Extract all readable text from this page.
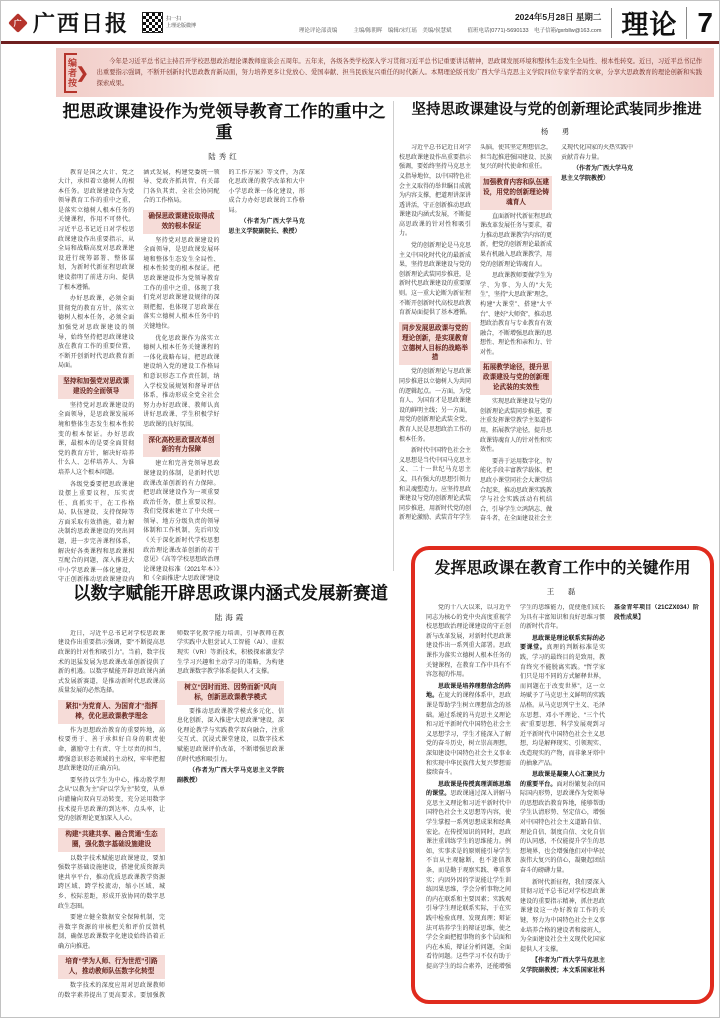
广 广西日报	扫一扫
上理论版微博
2024年5月28日 星期二
理论评论部责编	主编/陈朝晖　编辑/宋红瑶　美编/侯慧斌	值班电话(0771)-5690133　电子信箱/gxrbllw@163.com 理论 7
编者按 ❯
今年是习近平总书记主持召开学校思想政治理论课教师座谈会五周年。五年来，各级各类学校深入学习贯彻习近平总书记重要讲话精神，思政课发展环境和整体生态发生全局性、根本性转变。近日，习近平总书记作出重要指示强调，不断开创新时代思政教育新局面，努力培养更多让党放心、爱国奉献、担当民族复兴重任的时代新人。本期理论版刊发广西大学马克思主义学院四位专家学者的文章，分享大思政教育的理论创新和实践探索成果。
把思政课建设作为党领导教育工作的重中之重
陆秀红

教育是国之大计、党之大计，承担着立德树人的根本任务。思政课建设作为党领导教育工作的重中之重，是落实立德树人根本任务的关键课程，作用不可替代。习近平总书记近日对学校思政课建设作出重要指示，从全局和战略高度对思政课建设进行统筹部署、整体谋划，为新时代新征程思政课建设指明了前进方向、提供了根本遵循。

办好思政课，必须全面贯彻党的教育方针，落实立德树人根本任务，必须全面加强党对思政课建设的领导，始终坚持把思政课建设放在教育工作的重要位置，不断开创新时代思政教育新局面。

坚持和加强党对思政课建设的全面领导

坚持党对思政课建设的全面领导，是思政课发展环境和整体生态发生根本性转变的根本保证。办好思政课，最根本的是要全面贯彻党的教育方针，解决好培养什么人、怎样培养人、为谁培养人这个根本问题。

各级党委要把思政课建设摆上重要议程，压实责任、真抓实干，在工作格局、队伍建设、支持保障等方面采取有效措施，着力解决制约思政课建设的突出问题，进一步完善课程体系，解决好各类课程和思政课相互配合的问题，深入推进大中小学思政课一体化建设，守正创新推动思政课建设内涵式发展，构建党委统一领导、党政齐抓共管、有关部门各负其责、全社会协同配合的工作格局。

确保思政课建设取得成效的根本保证

坚持党对思政课建设的全面领导，是思政课发展环境和整体生态发生全局性、根本性转变的根本保证。把思政课建设作为党领导教育工作的重中之重，体现了我们党对思政课建设规律的深刻把握，也体现了思政课在落实立德树人根本任务中的关键地位。

优化思政课作为落实立德树人根本任务关键课程的一体化战略布局，把思政课建设纳入党的建设工作格局和意识形态工作责任制，纳入学校发展规划和督导评估体系，推动形成全党全社会努力办好思政课、教师认真讲好思政课、学生积极学好思政课的良好氛围。

深化高校思政课改革创新的有力保障

建立和完善党领导思政课建设的体制，是新时代思政课改革创新的有力保障。把思政课建设作为一项重要政治任务，摆上重要议程。我们党探索建立了中央统一领导、地方分级负责的领导体制和工作机制，先后印发《关于深化新时代学校思想政治理论课改革创新的若干意见》《高等学校思想政治理论课建设标准（2021年本）》和《全面推进“大思政课”建设的工作方案》等文件，为深化思政课的教学改革和大中小学思政课一体化建设，形成合力办好思政课的工作格局。

（作者为广西大学马克思主义学院副院长、教授）

坚持思政课建设与党的创新理论武装同步推进
杨　勇

习近平总书记近日对学校思政课建设作出重要指示强调，要始终坚持马克思主义指导地位，以中国特色社会主义取得的举世瞩目成就为内容支撑，把道理讲深讲透讲活，守正创新推动思政课建设内涵式发展，不断提高思政课的针对性和吸引力。

党的创新理论是马克思主义中国化时代化的最新成果，坚持思政课建设与党的创新理论武装同步推进，是新时代思政课建设的重要原则。这一重大论断为新征程不断开创新时代高校思政教育新局面提供了基本遵循。

同步发展思政课与党的理论创新，是实现教育立德树人目标的战略举措

党的创新理论与思政课同步推进以立德树人为共同的逻辑起点。一方面，为党育人、为国育才是思政课建设的鲜明主线；另一方面，用党的创新理论武装全党、教育人民是思想政治工作的根本任务。

新时代中国特色社会主义思想是当代中国马克思主义、二十一世纪马克思主义，具有强大的思想引领力和灵魂塑造力。应坚持思政课建设与党的创新理论武装同步推进，用新时代党的创新理论激励、武装青年学生头脑，使其坚定理想信念，担当起推进强国建设、民族复兴的时代使命和重任。

加强教育内容和队伍建设，用党的创新理论铸魂育人

直面新时代新征程思政课改革发展任务与要求，着力推动思政课教学内容的更新，把党的创新理论最新成果有机融入思政课教学，用党的创新理论铸魂育人。

思政课教师要做学生为学、为事、为人的“大先生”，坚持“大思政课”理念，构建“大课堂”、搭建“大平台”、建好“大师资”，推动思想政治教育与专业教育有效融合，不断增强思政课的思想性、理论性和亲和力、针对性。

拓展教学途径，提升思政课建设与党的创新理论武装的实效性

实现思政课建设与党的创新理论武装同步推进，要注重发挥课堂教学主渠道作用，拓展教学途径，提升思政课铸魂育人的针对性和实效性。

要善于运用数字化、智能化手段丰富教学载体，把思政小课堂同社会大课堂结合起来，推动思政课实践教学与社会实践活动有机结合，引导学生立鸿鹄志、做奋斗者，在全面建设社会主义现代化国家的火热实践中贡献青春力量。

（作者为广西大学马克思主义学院教授）

以数字赋能开辟思政课内涵式发展新赛道
陆海霞

近日，习近平总书记对学校思政课建设作出重要指示强调，要“不断提高思政课的针对性和吸引力”。当前，数字技术的迅猛发展为思政课改革创新提供了新的机遇。以数字赋能开辟思政课内涵式发展新赛道，是推动新时代思政课高质量发展的必然选择。

紧扣“为党育人、为国育才”指挥棒，优化思政课教学理念

作为思想政治教育的重要阵地，高校要勇于、善于承担好自身的职责使命，激励守土有责、守土尽责的担当，增强意识形态领域的主动权，牢牢把握思政课建设的正确方向。

要坚持以学生为中心，推动教学理念从“以教为主”向“以学为主”转变，从单向灌输向双向互动转变，充分运用数字技术提升思政课的到达率、点头率，让党的创新理论更加深入人心。

构建“共建共享、融合贯通”生态圈，强化数字基础设施建设

以数字技术赋能思政课建设，要加强数字基础设施建设，搭建优质资源共建共享平台，推动优质思政课教学资源跨区域、跨学校流动，缩小区域、城乡、校际差距，形成开放协同的数字思政生态圈。

要建立健全数据安全保障机制，完善数字资源的审核把关和评价反馈机制，确保思政课数字化建设始终沿着正确方向推进。

培育“学为人师、行为世范”引路人，推动教师队伍数字化转型

数字技术的深度应用对思政课教师的数字素养提出了更高要求。要加强教师数字化教学能力培训，引导教师在教学实践中大胆尝试人工智能（AI）、虚拟现实（VR）等新技术，积极探索激发学生学习兴趣和主动学习的策略，为构建思政课数字教学体系提供人才支撑。

树立“因时而进、因势而新”风向标，创新思政课教学模式

要推动思政课教学模式多元化、信息化创新，深入推进“大思政课”建设，深化理论教学与实践教学双向融合，注重交互式、沉浸式课堂建设，以数字技术赋能思政课评价改革，不断增强思政课的时代感和吸引力。

（作者为广西大学马克思主义学院副教授）

发挥思政课在教育工作中的关键作用
王　磊

党的十八大以来，以习近平同志为核心的党中央高度重视学校思想政治理论课建设的守正创新与改革发展，对新时代思政课建设作出一系列重大部署。思政课作为落实立德树人根本任务的关键课程，在教育工作中具有不容忽视的作用。

思政课是培养理想信念的阵地。在庞大的课程体系中，思政课是帮助学生树立理想信念的基础。通过系统的马克思主义理论和习近平新时代中国特色社会主义思想学习，学生才能深入了解党的奋斗历史，树立崇高理想，深知建设中国特色社会主义事业和实现中华民族伟大复兴梦想需接续奋斗。

思政课是传授真理训练思维的课堂。思政课通过深入讲解马克思主义理论和习近平新时代中国特色社会主义思想等内容，使学生掌握一系列思想成果和经典宏论。在传授知识的同时，思政课注重训练学生的思维能力。例如，实事求是的原则能引导学生不盲从主观臆断，也不迷信教条，而是勤于观察实践、尊重事实；内因外因的学说能让学生训练因果思维，学会分析事物之间的内在联系和主要因素；实践观引导学生理论联系实际，于在实践中检验真理、发现真理；辩证法可培养学生的辩证思维，使之学会全面把握事物的多个层面和内在本质，辩证分析问题，全面看待问题。这些学习不仅有助于提高学生的综合素养，还能增强学生的思维能力，促使他们成长为具有丰富知识和良好思维习惯的新时代青年。

思政课是理论联系实际的必要课堂。真理的判断标准是实践，学习的最终目的是致用，教育终究不能脱离实践。“哲学家们只是用不同的方式解释世界，而问题在于改变世界”，这一立场赋予了马克思主义鲜明的实践品格。从马克思列宁主义、毛泽东思想、邓小平理论、“三个代表”重要思想、科学发展观到习近平新时代中国特色社会主义思想，均是解释现实、引领现实、改造现实的产物，而非象牙塔中的抽象产品。

思政课是凝聚人心汇聚民力的重要平台。面对纷繁复杂的国际国内形势，思政课作为党领导的思想政治教育阵地，能够帮助学生认清形势、坚定信心，增强对中国特色社会主义道路自信、理论自信、制度自信、文化自信的认同感，不仅能提升学生的思想境界，也会增强他们对中华民族伟大复兴的信心，凝聚起团结奋斗的磅礴力量。

新时代新征程，我们要深入贯彻习近平总书记对学校思政课建设的重要指示精神，抓住思政课建设这一办好教育工作的关键，努力为中国特色社会主义事业培养合格的建设者和接班人，为全面建设社会主义现代化国家提供人才支撑。

【作者为广西大学马克思主义学院副教授；本文系国家社科基金青年项目（21CZX034）阶段性成果】
